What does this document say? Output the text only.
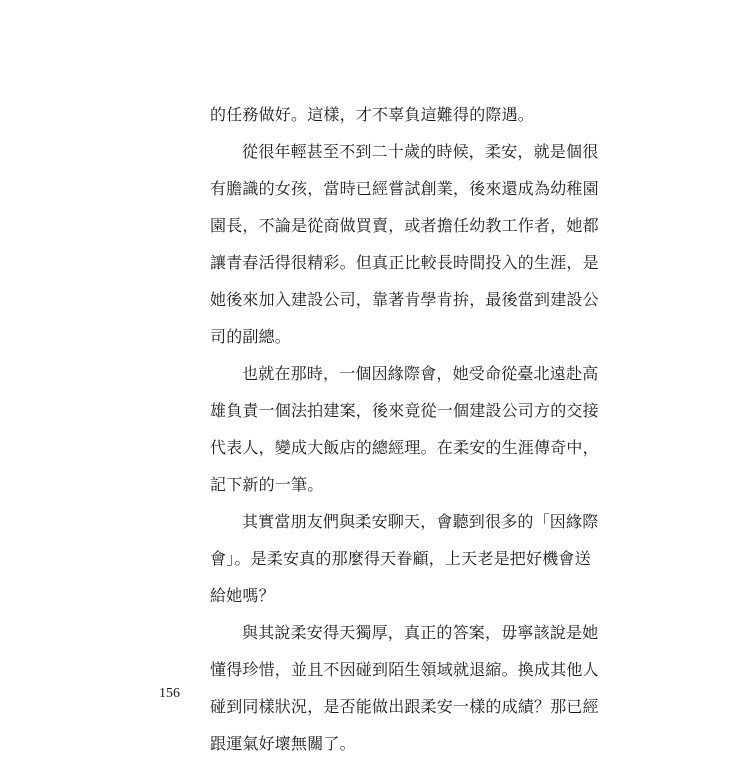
的任務做好。這樣，才不辜負這難得的際遇。
從很年輕甚至不到二十歲的時候，柔安，就是個很
有膽識的女孩，當時已經嘗試創業，後來還成為幼稚園
園長，不論是從商做買賣，或者擔任幼教工作者，她都
讓青春活得很精彩。但真正比較長時間投入的生涯，是
她後來加入建設公司，靠著肯學肯拚，最後當到建設公
司的副總。
也就在那時，一個因緣際會，她受命從臺北遠赴高
雄負責一個法拍建案，後來竟從一個建設公司方的交接
代表人，變成大飯店的總經理。在柔安的生涯傳奇中，
記下新的一筆。
其實當朋友們與柔安聊天，會聽到很多的「因緣際
會」。是柔安真的那麼得天眷顧，上天老是把好機會送
給她嗎？
與其說柔安得天獨厚，真正的答案，毋寧該說是她
懂得珍惜，並且不因碰到陌生領域就退縮。換成其他人
碰到同樣狀況，是否能做出跟柔安一樣的成績？那已經
跟運氣好壞無關了。
156
